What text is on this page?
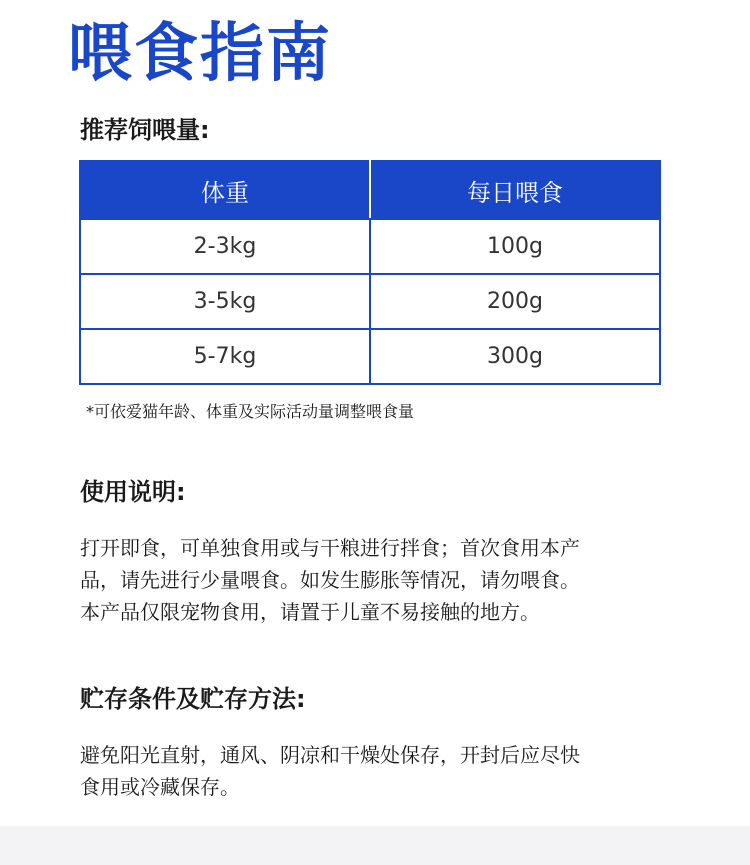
喂食指南
推荐饲喂量:
体重	每日喂食
2-3kg	100g
3-5kg	200g
5-7kg	300g
*可依爱猫年龄、体重及实际活动量调整喂食量
使用说明:
打开即食，可单独食用或与干粮进行拌食；首次食用本产
品，请先进行少量喂食。如发生膨胀等情况，请勿喂食。
本产品仅限宠物食用，请置于儿童不易接触的地方。
贮存条件及贮存方法:
避免阳光直射，通风、阴凉和干燥处保存，开封后应尽快
食用或冷藏保存。
